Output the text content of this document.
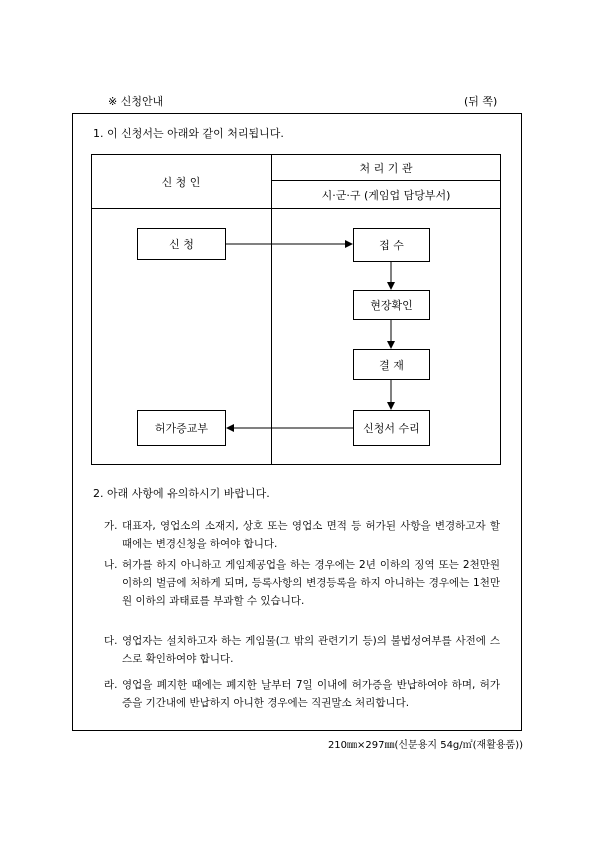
※ 신청안내	(뒤 쪽)
1. 이 신청서는 아래와 같이 처리됩니다.
신 청 인
처 리 기 관
시·군·구 (게임업 담당부서)
신 청	접 수
현장확인
결 재
신청서 수리
허가증교부
2. 아래 사항에 유의하시기 바랍니다.
가. 대표자, 영업소의 소재지, 상호 또는 영업소 면적 등 허가된 사항을 변경하고자 할 때에는 변경신청을 하여야 합니다.
나. 허가를 하지 아니하고 게임제공업을 하는 경우에는 2년 이하의 징역 또는 2천만원 이하의 벌금에 처하게 되며, 등록사항의 변경등록을 하지 아니하는 경우에는 1천만원 이하의 과태료를 부과할 수 있습니다.
다. 영업자는 설치하고자 하는 게임물(그 밖의 관련기기 등)의 불법성여부를 사전에 스스로 확인하여야 합니다.
라. 영업을 폐지한 때에는 폐지한 날부터 7일 이내에 허가증을 반납하여야 하며, 허가증을 기간내에 반납하지 아니한 경우에는 직권말소 처리합니다.
210㎜×297㎜(신문용지 54g/㎡(재활용품))
